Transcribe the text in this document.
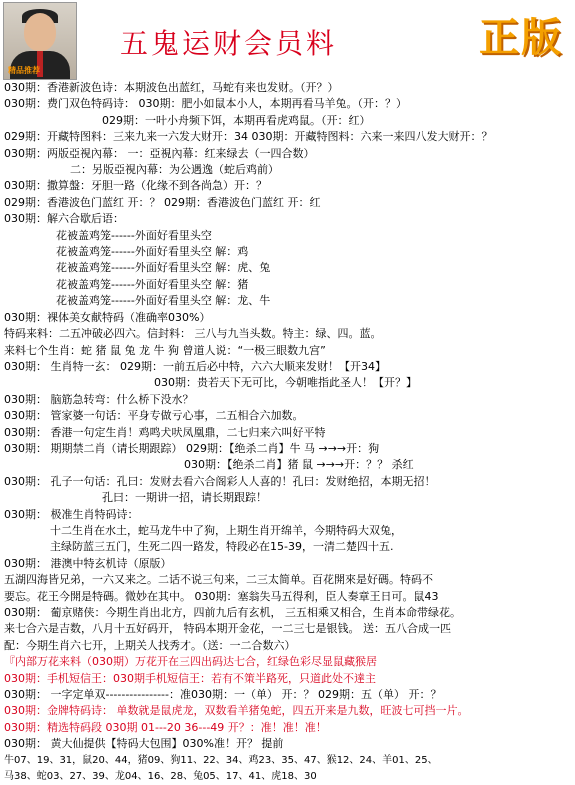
精品推荐
五鬼运财会员料	正版
030期：香港新波色诗：本期波色出蓝红，马蛇有来也发财。（开？）
030期：费门双色特码诗： 030期：肥小如鼠本小人，本期再看马羊兔。（开：？）
029期：一叶小舟频下饵，本期再看虎鸡鼠。（开：红）
029期：开藏特图料：三来九来一六发大财开：34 030期：开藏特图料：六来一来四八发大财开：？
030期：两版亞視內幕： 一：亞視內幕：红来绿去（一四合数）
二：另版亞視內幕：为公遇逸（蛇后鸡前）
030期：撒算盤：牙胆一路（化缘不到各尚急）开：？
029期：香港波色门蓝红 开：？ 029期：香港波色门蓝红 开：红
030期：解六合歇后语：
花被盖鸡笼------外面好看里头空
花被盖鸡笼------外面好看里头空 解：鸡
花被盖鸡笼------外面好看里头空 解：虎、兔
花被盖鸡笼------外面好看里头空 解：猪
花被盖鸡笼------外面好看里头空 解：龙、牛
030期：裸体美女献特码（准确率030%）
特码来料：二五冲破必四六。信封料： 三八与九当头数。特主：绿、四。蓝。
来料七个生肖：蛇 猪 鼠 兔 龙 牛 狗 曾道人说：“一极三眼数九宫”
030期： 生肖特一玄： 029期：一前五后必中特，六六大顺来发财！【开34】
030期：贵若天下无可比，今朝唯指此圣人！【开？】
030期： 脑筋急转弯：什么桥下没水？
030期： 管家婆一句话：平身专做亏心事，二五相合六加数。
030期： 香港一句定生肖！鸡鸣犬吠凤凰鼎，二七归来六叫好平特
030期： 期期禁二肖（请长期跟踪） 029期：【绝杀二肖】牛 马 →→→开：狗
030期：【绝杀二肖】猪 鼠 →→→开：？？ 杀红
030期： 孔子一句话：孔曰：发财去看六合阁彩人人喜的！孔曰：发财绝招，本期无招！
孔曰：一期讲一招，请长期跟踪！
030期： 极准生肖特码诗：
十二生肖在水土，蛇马龙牛中了狗，上期生肖开绵羊，今期特码大双兔，
主绿防蓝三五门，生死二四一路发，特段必在15-39，一清二楚四十五.
030期： 港澳中特玄机诗（原版）
五湖四海皆兄弟，一六又来之。二话不说三句来，二三太简单。百花開來是好碼。特码不
要忘。花王今開是特碼。微妙在其中。 030期：塞翁失马五得利，臣人奏章王日可。鼠43
030期： 葡京赌侠：今期生肖出北方，四前九后有玄机， 三五相乘又相合，生肖本命带绿花。
来七合六是吉数，八月十五好码开， 特码本期开金花，一二三七是银钱。 送：五八合成一匹
配：今期生肖六七开，上期关人找秀才。（送：一二合数六）
『内部万花来料（030期）万花开在三四出码达七合，红绿色彩尽显鼠藏猴居
030期：手机短信王：030期手机短信王：若有不策半路死，只道此处不達主
030期： 一字定单双----------------：准030期：一（单） 开：？ 029期：五（单） 开：？
030期：金牌特码诗： 单数就是鼠虎龙，双数看羊猪兔蛇，四五开来是九数，旺波七可挡一片。
030期：精选特码段 030期 01---20 36---49 开？：准！准！准！
030期： 黄大仙提供【特码大包围】030%准！开？ 提前
牛07、19、31，鼠20、44，猪09、狗11、22、34、鸡23、35、47、猴12、24、羊01、25、
马38、蛇03、27、39、龙04、16、28、兔05、17、41、虎18、30
